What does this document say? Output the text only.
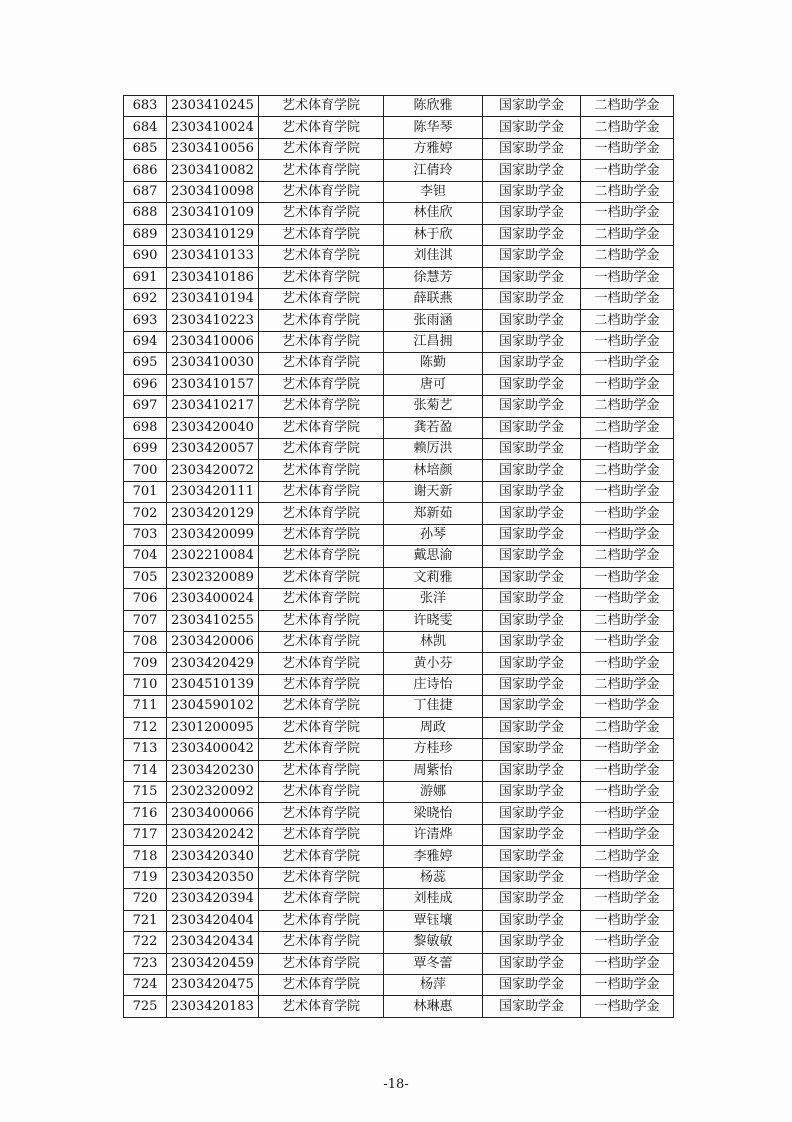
683	2303410245	艺术体育学院	陈欣雅	国家助学金	二档助学金
684	2303410024	艺术体育学院	陈华琴	国家助学金	二档助学金
685	2303410056	艺术体育学院	方雅婷	国家助学金	一档助学金
686	2303410082	艺术体育学院	江倩玲	国家助学金	一档助学金
687	2303410098	艺术体育学院	李钽	国家助学金	二档助学金
688	2303410109	艺术体育学院	林佳欣	国家助学金	一档助学金
689	2303410129	艺术体育学院	林于欣	国家助学金	二档助学金
690	2303410133	艺术体育学院	刘佳淇	国家助学金	二档助学金
691	2303410186	艺术体育学院	徐慧芳	国家助学金	一档助学金
692	2303410194	艺术体育学院	薛联燕	国家助学金	一档助学金
693	2303410223	艺术体育学院	张雨涵	国家助学金	二档助学金
694	2303410006	艺术体育学院	江昌拥	国家助学金	一档助学金
695	2303410030	艺术体育学院	陈勤	国家助学金	一档助学金
696	2303410157	艺术体育学院	唐可	国家助学金	一档助学金
697	2303410217	艺术体育学院	张菊艺	国家助学金	二档助学金
698	2303420040	艺术体育学院	龚若盈	国家助学金	二档助学金
699	2303420057	艺术体育学院	赖厉洪	国家助学金	一档助学金
700	2303420072	艺术体育学院	林培颜	国家助学金	二档助学金
701	2303420111	艺术体育学院	谢天新	国家助学金	一档助学金
702	2303420129	艺术体育学院	郑新茹	国家助学金	一档助学金
703	2303420099	艺术体育学院	孙琴	国家助学金	一档助学金
704	2302210084	艺术体育学院	戴思渝	国家助学金	二档助学金
705	2302320089	艺术体育学院	文莉雅	国家助学金	一档助学金
706	2303400024	艺术体育学院	张洋	国家助学金	一档助学金
707	2303410255	艺术体育学院	许晓雯	国家助学金	二档助学金
708	2303420006	艺术体育学院	林凯	国家助学金	一档助学金
709	2303420429	艺术体育学院	黄小芬	国家助学金	一档助学金
710	2304510139	艺术体育学院	庄诗怡	国家助学金	二档助学金
711	2304590102	艺术体育学院	丁佳捷	国家助学金	一档助学金
712	2301200095	艺术体育学院	周政	国家助学金	二档助学金
713	2303400042	艺术体育学院	方桂珍	国家助学金	一档助学金
714	2303420230	艺术体育学院	周紫怡	国家助学金	一档助学金
715	2302320092	艺术体育学院	游娜	国家助学金	一档助学金
716	2303400066	艺术体育学院	梁晓怡	国家助学金	一档助学金
717	2303420242	艺术体育学院	许清烨	国家助学金	一档助学金
718	2303420340	艺术体育学院	李雅婷	国家助学金	二档助学金
719	2303420350	艺术体育学院	杨蕊	国家助学金	一档助学金
720	2303420394	艺术体育学院	刘桂成	国家助学金	一档助学金
721	2303420404	艺术体育学院	覃钰壤	国家助学金	一档助学金
722	2303420434	艺术体育学院	黎敏敏	国家助学金	一档助学金
723	2303420459	艺术体育学院	覃冬蕾	国家助学金	一档助学金
724	2303420475	艺术体育学院	杨萍	国家助学金	一档助学金
725	2303420183	艺术体育学院	林琳惠	国家助学金	一档助学金
-18-
